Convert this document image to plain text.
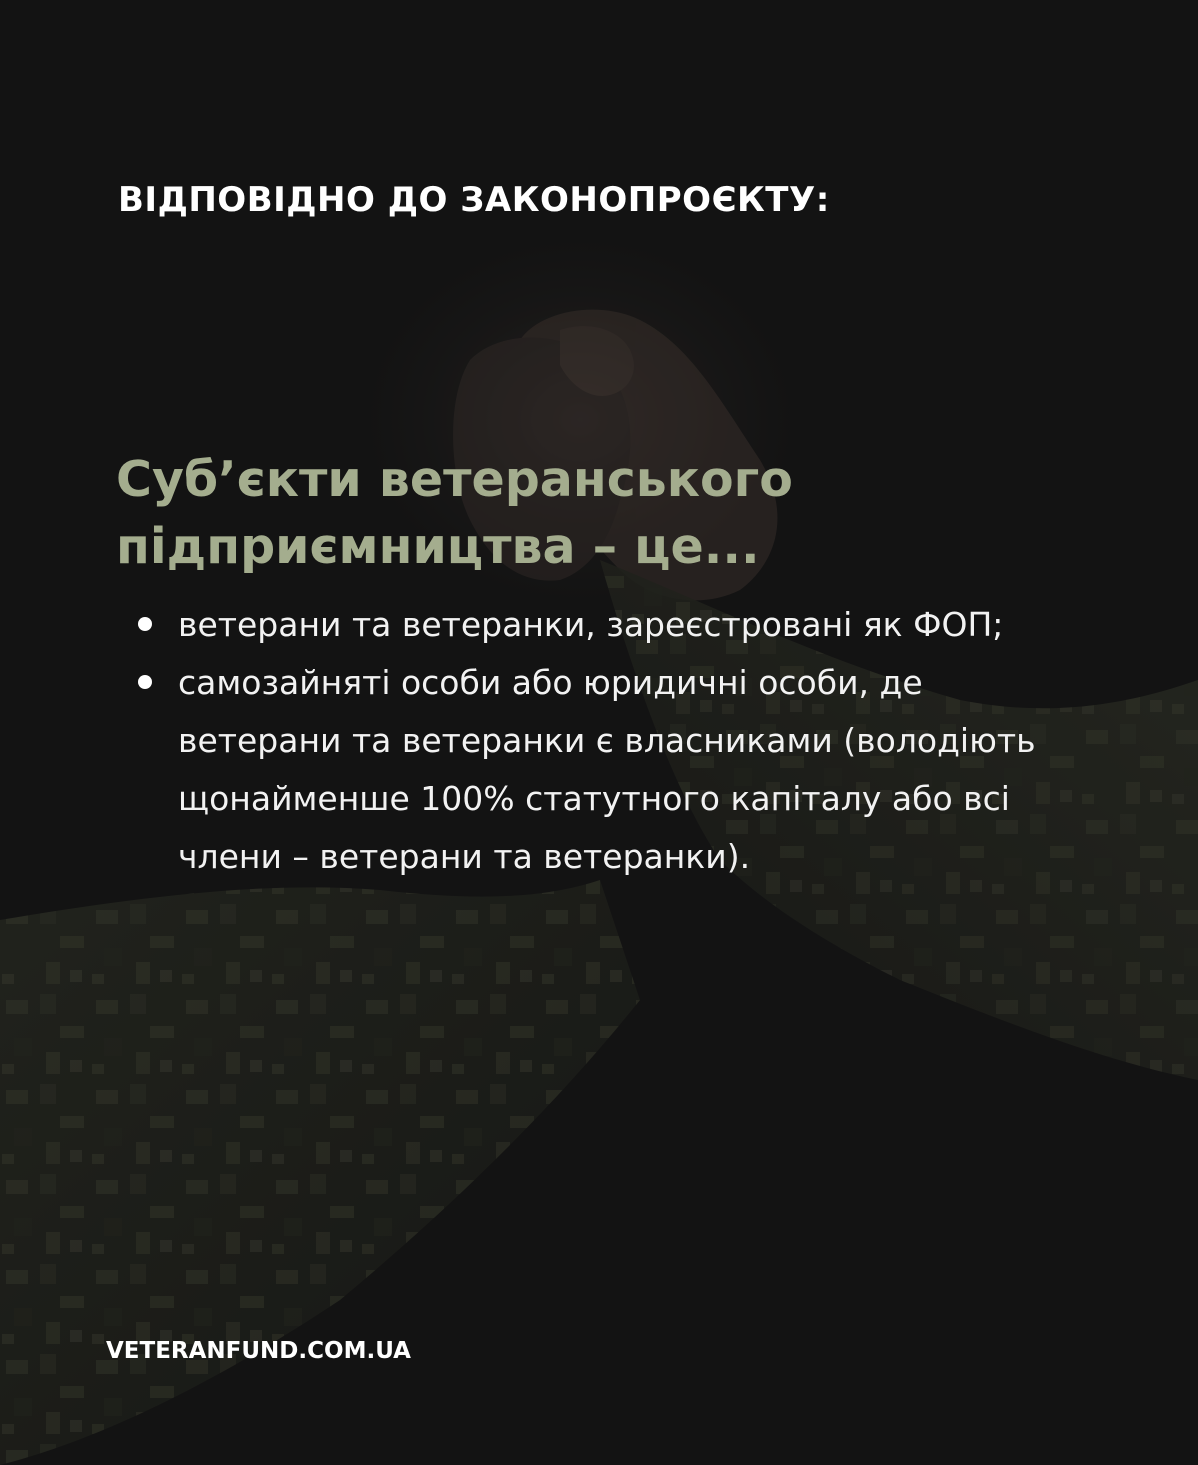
ВІДПОВІДНО ДО ЗАКОНОПРОЄКТУ:
Суб’єкти ветеранського
підприємництва – це...
ветерани та ветеранки, зареєстровані як ФОП;
самозайняті особи або юридичні особи, де
ветерани та ветеранки є власниками (володіють
щонайменше 100% статутного капіталу або всі
члени – ветерани та ветеранки).

VETERANFUND.COM.UA
